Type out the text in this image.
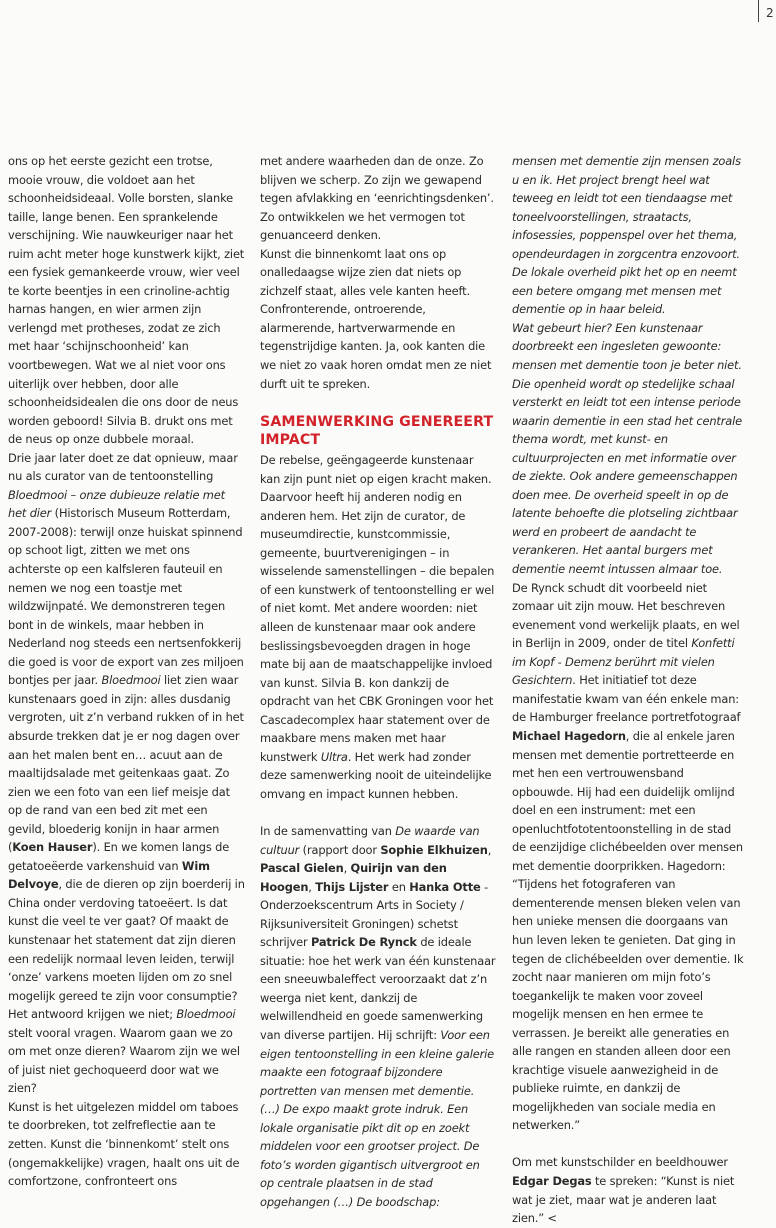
2

ons op het eerste gezicht een trotse, mooie vrouw, die voldoet aan het schoonheidsideaal. Volle borsten, slanke taille, lange benen. Een sprankelende verschijning. Wie nauwkeuriger naar het ruim acht meter hoge kunstwerk kijkt, ziet een fysiek gemankeerde vrouw, wier veel te korte beentjes in een crinoline-achtig harnas hangen, en wier armen zijn verlengd met protheses, zodat ze zich met haar ‘schijnschoonheid’ kan voortbewegen. Wat we al niet voor ons uiterlijk over hebben, door alle schoonheidsidealen die ons door de neus worden geboord! Silvia B. drukt ons met de neus op onze dubbele moraal.

Drie jaar later doet ze dat opnieuw, maar nu als curator van de tentoonstelling Bloedmooi – onze dubieuze relatie met het dier (Historisch Museum Rotterdam, 2007-2008): terwijl onze huiskat spinnend op schoot ligt, zitten we met ons achterste op een kalfsleren fauteuil en nemen we nog een toastje met wildzwijnpaté. We demonstreren tegen bont in de winkels, maar hebben in Nederland nog steeds een nertsenfokkerij die goed is voor de export van zes miljoen bontjes per jaar. Bloedmooi liet zien waar kunstenaars goed in zijn: alles dusdanig vergroten, uit z’n verband rukken of in het absurde trekken dat je er nog dagen over aan het malen bent en… acuut aan de maaltijdsalade met geitenkaas gaat. Zo zien we een foto van een lief meisje dat op de rand van een bed zit met een gevild, bloederig konijn in haar armen (Koen Hauser). En we komen langs de getatoeëerde varkenshuid van Wim Delvoye, die de dieren op zijn boerderij in China onder verdoving tatoeëert. Is dat kunst die veel te ver gaat? Of maakt de kunstenaar het statement dat zijn dieren een redelijk normaal leven leiden, terwijl ‘onze’ varkens moeten lijden om zo snel mogelijk gereed te zijn voor consumptie? Het antwoord krijgen we niet; Bloedmooi stelt vooral vragen. Waarom gaan we zo om met onze dieren? Waarom zijn we wel of juist niet gechoqueerd door wat we zien?

Kunst is het uitgelezen middel om taboes te doorbreken, tot zelfreflectie aan te zetten. Kunst die ‘binnenkomt’ stelt ons (ongemakkelijke) vragen, haalt ons uit de comfortzone, confronteert ons

met andere waarheden dan de onze. Zo blijven we scherp. Zo zijn we gewapend tegen afvlakking en ‘eenrichtingsdenken’. Zo ontwikkelen we het vermogen tot genuanceerd denken.

Kunst die binnenkomt laat ons op onalledaagse wijze zien dat niets op zichzelf staat, alles vele kanten heeft. Confronterende, ontroerende, alarmerende, hartverwarmende en tegenstrijdige kanten. Ja, ook kanten die we niet zo vaak horen omdat men ze niet durft uit te spreken.

SAMENWERKING GENEREERT IMPACT

De rebelse, geëngageerde kunstenaar kan zijn punt niet op eigen kracht maken. Daarvoor heeft hij anderen nodig en anderen hem. Het zijn de curator, de museumdirectie, kunstcommissie, gemeente, buurtverenigingen – in wisselende samenstellingen – die bepalen of een kunstwerk of tentoonstelling er wel of niet komt. Met andere woorden: niet alleen de kunstenaar maar ook andere beslissingsbevoegden dragen in hoge mate bij aan de maatschappelijke invloed van kunst. Silvia B. kon dankzij de opdracht van het CBK Groningen voor het Cascadecomplex haar statement over de maakbare mens maken met haar kunstwerk Ultra. Het werk had zonder deze samenwerking nooit de uiteindelijke omvang en impact kunnen hebben.

In de samenvatting van De waarde van cultuur (rapport door Sophie Elkhuizen, Pascal Gielen, Quirijn van den Hoogen, Thijs Lijster en Hanka Otte - Onderzoekscentrum Arts in Society / Rijksuniversiteit Groningen) schetst schrijver Patrick De Rynck de ideale situatie: hoe het werk van één kunstenaar een sneeuwbaleffect veroorzaakt dat z’n weerga niet kent, dankzij de welwillendheid en goede samenwerking van diverse partijen. Hij schrijft: Voor een eigen tentoonstelling in een kleine galerie maakte een fotograaf bijzondere portretten van mensen met dementie. (…) De expo maakt grote indruk. Een lokale organisatie pikt dit op en zoekt middelen voor een grootser project. De foto’s worden gigantisch uitvergroot en op centrale plaatsen in de stad opgehangen (…) De boodschap:

mensen met dementie zijn mensen zoals u en ik. Het project brengt heel wat teweeg en leidt tot een tiendaagse met toneelvoorstellingen, straatacts, infosessies, poppenspel over het thema, opendeurdagen in zorgcentra enzovoort. De lokale overheid pikt het op en neemt een betere omgang met mensen met dementie op in haar beleid.

Wat gebeurt hier? Een kunstenaar doorbreekt een ingesleten gewoonte: mensen met dementie toon je beter niet. Die openheid wordt op stedelijke schaal versterkt en leidt tot een intense periode waarin dementie in een stad het centrale thema wordt, met kunst- en cultuurprojecten en met informatie over de ziekte. Ook andere gemeenschappen doen mee. De overheid speelt in op de latente behoefte die plotseling zichtbaar werd en probeert de aandacht te verankeren. Het aantal burgers met dementie neemt intussen almaar toe.

De Rynck schudt dit voorbeeld niet zomaar uit zijn mouw. Het beschreven evenement vond werkelijk plaats, en wel in Berlijn in 2009, onder de titel Konfetti im Kopf - Demenz berührt mit vielen Gesichtern. Het initiatief tot deze manifestatie kwam van één enkele man: de Hamburger freelance portretfotograaf Michael Hagedorn, die al enkele jaren mensen met dementie portretteerde en met hen een vertrouwensband opbouwde. Hij had een duidelijk omlijnd doel en een instrument: met een openluchtfototentoonstelling in de stad de eenzijdige clichébeelden over mensen met dementie doorprikken. Hagedorn: “Tijdens het fotograferen van dementerende mensen bleken velen van hen unieke mensen die doorgaans van hun leven leken te genieten. Dat ging in tegen de clichébeelden over dementie. Ik zocht naar manieren om mijn foto’s toegankelijk te maken voor zoveel mogelijk mensen en hen ermee te verrassen. Je bereikt alle generaties en alle rangen en standen alleen door een krachtige visuele aanwezigheid in de publieke ruimte, en dankzij de mogelijkheden van sociale media en netwerken.”

Om met kunstschilder en beeldhouwer Edgar Degas te spreken: “Kunst is niet wat je ziet, maar wat je anderen laat zien.” <
